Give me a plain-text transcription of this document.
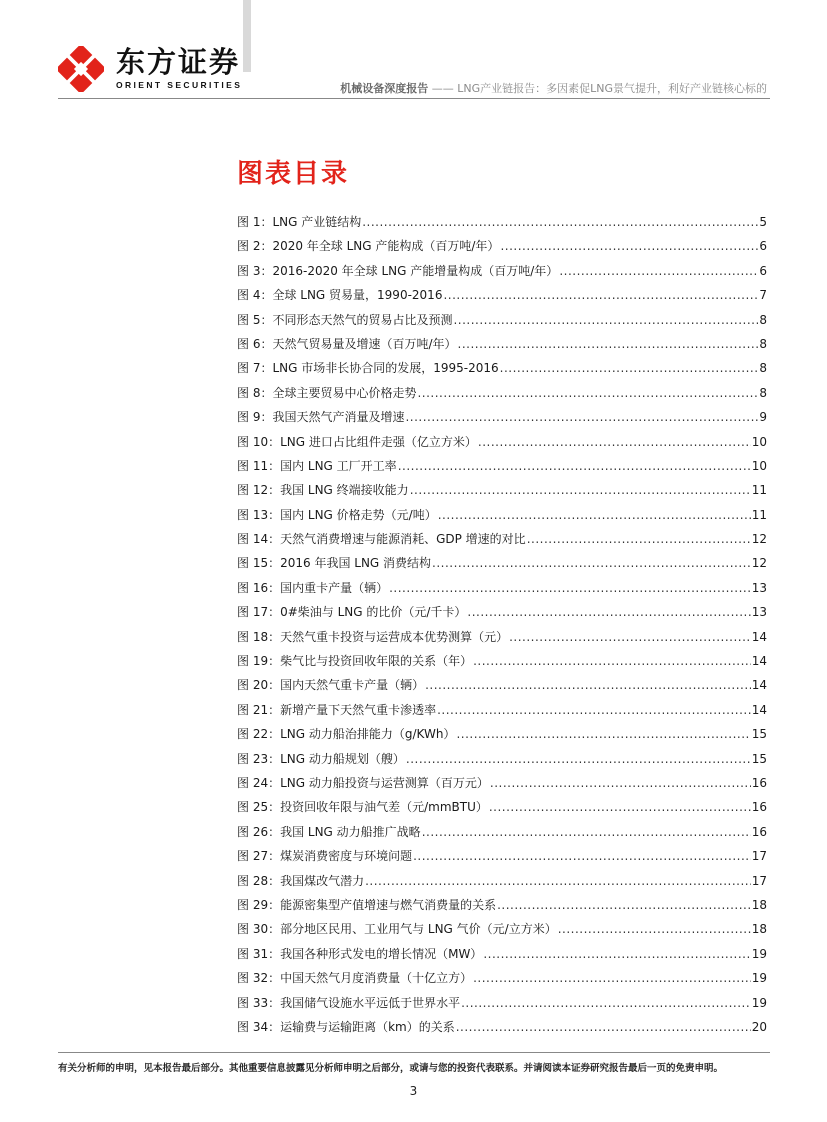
东方证券
ORIENT SECURITIES	机械设备深度报告 —— LNG产业链报告：多因素促LNG景气提升，利好产业链核心标的
图表目录
图 1：LNG 产业链结构 .....	5
图 2：2020 年全球 LNG 产能构成（百万吨/年） .....	6
图 3：2016-2020 年全球 LNG 产能增量构成（百万吨/年） .....	6
图 4：全球 LNG 贸易量，1990-2016 .....	7
图 5：不同形态天然气的贸易占比及预测 .....	8
图 6：天然气贸易量及增速（百万吨/年） .....	8
图 7：LNG 市场非长协合同的发展，1995-2016 .....	8
图 8：全球主要贸易中心价格走势 .....	8
图 9：我国天然气产消量及增速 .....	9
图 10：LNG 进口占比组件走强（亿立方米） .....	10
图 11：国内 LNG 工厂开工率 .....	10
图 12：我国 LNG 终端接收能力 .....	11
图 13：国内 LNG 价格走势（元/吨） .....	11
图 14：天然气消费增速与能源消耗、GDP 增速的对比 .....	12
图 15：2016 年我国 LNG 消费结构 .....	12
图 16：国内重卡产量（辆） .....	13
图 17：0#柴油与 LNG 的比价（元/千卡） .....	13
图 18：天然气重卡投资与运营成本优势测算（元） .....	14
图 19：柴气比与投资回收年限的关系（年） .....	14
图 20：国内天然气重卡产量（辆） .....	14
图 21：新增产量下天然气重卡渗透率 .....	14
图 22：LNG 动力船治排能力（g/KWh） .....	15
图 23：LNG 动力船规划（艘） .....	15
图 24：LNG 动力船投资与运营测算（百万元） .....	16
图 25：投资回收年限与油气差（元/mmBTU） .....	16
图 26：我国 LNG 动力船推广战略 .....	16
图 27：煤炭消费密度与环境问题 .....	17
图 28：我国煤改气潜力 .....	17
图 29：能源密集型产值增速与燃气消费量的关系 .....	18
图 30：部分地区民用、工业用气与 LNG 气价（元/立方米） .....	18
图 31：我国各种形式发电的增长情况（MW） .....	19
图 32：中国天然气月度消费量（十亿立方） .....	19
图 33：我国储气设施水平远低于世界水平 .....	19
图 34：运输费与运输距离（km）的关系 .....	20
有关分析师的申明，见本报告最后部分。其他重要信息披露见分析师申明之后部分，或请与您的投资代表联系。并请阅读本证券研究报告最后一页的免责申明。
3
